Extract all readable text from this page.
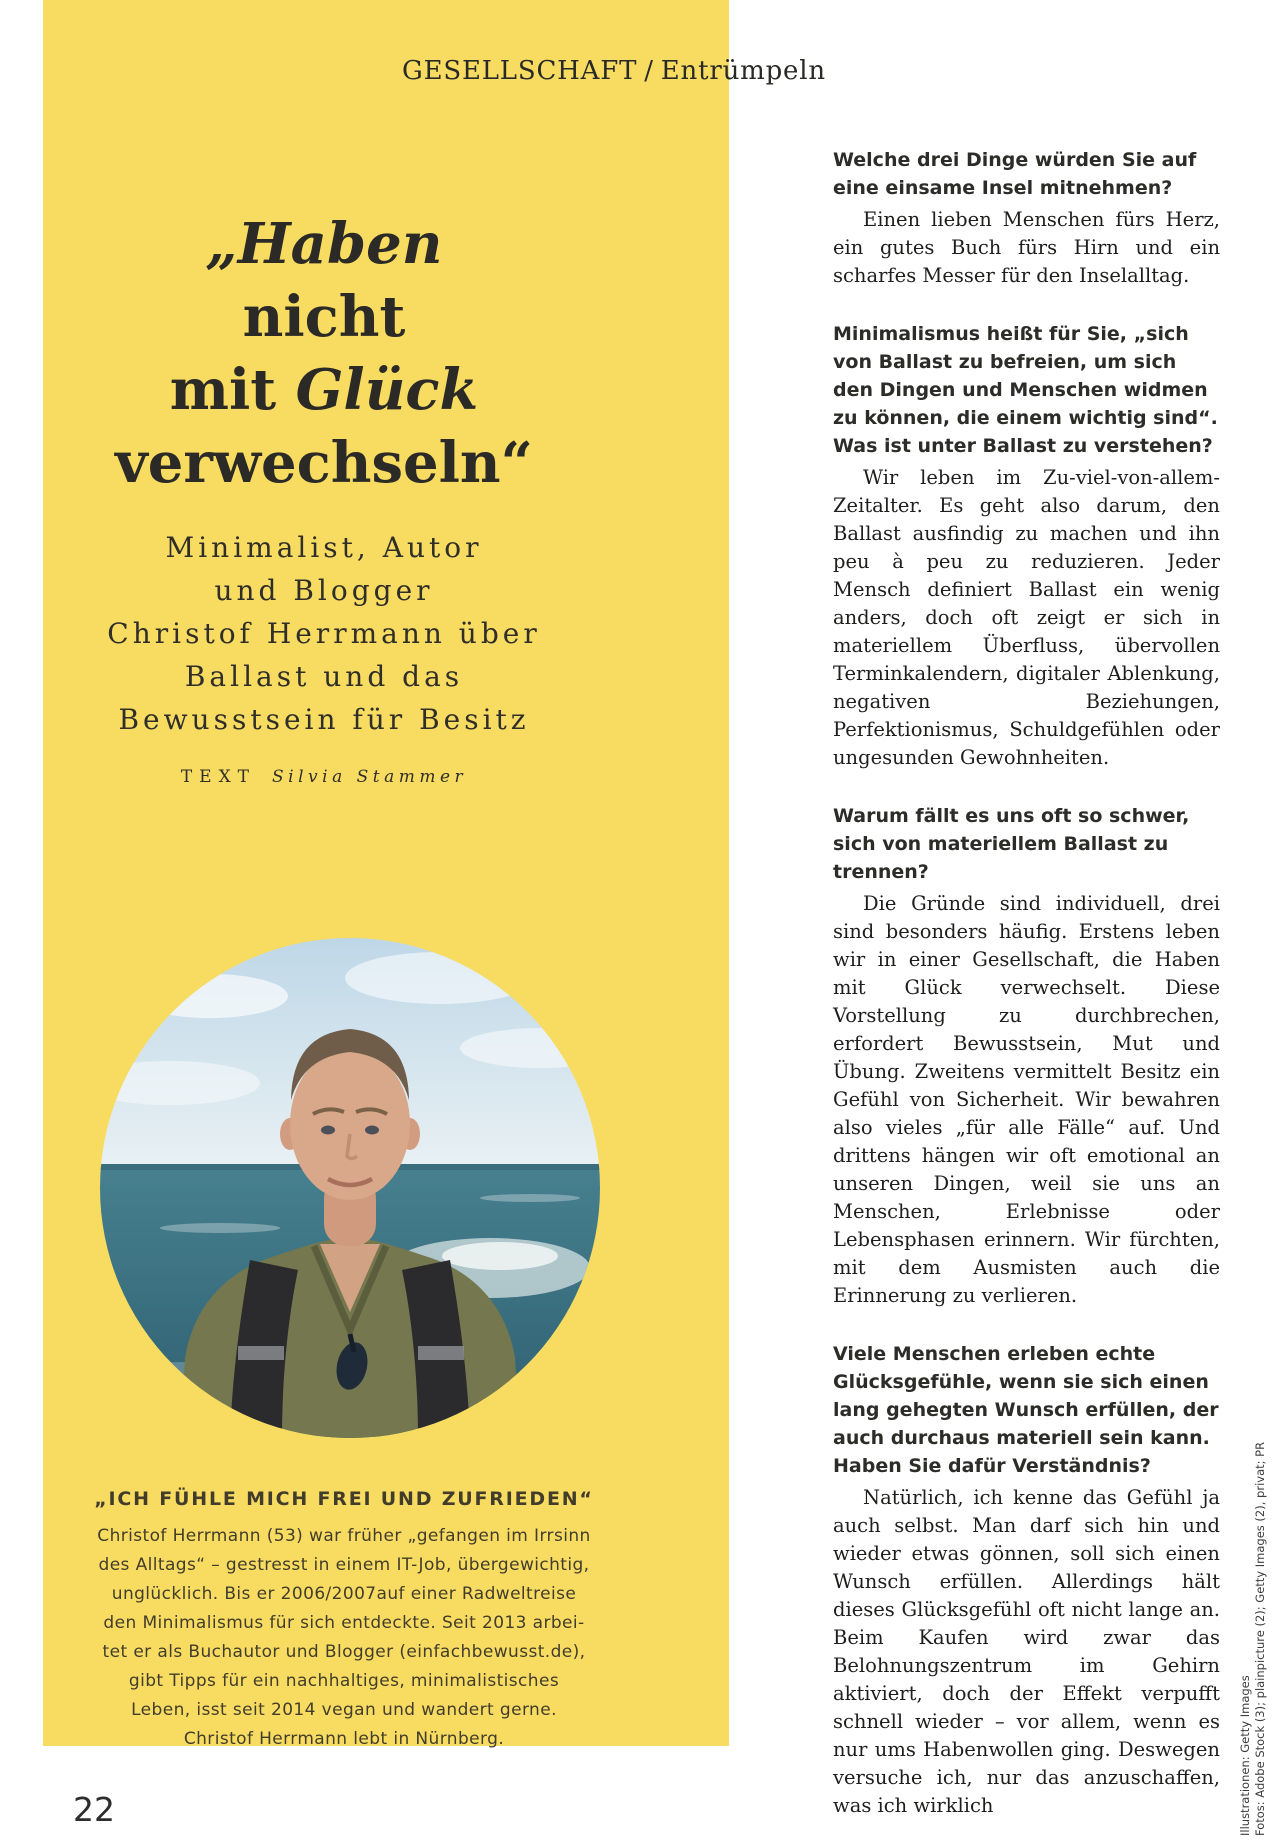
GESELLSCHAFT / Entrümpeln
„Haben
nicht
mit Glück
verwechseln“
Minimalist, Autor
und Blogger
Christof Herrmann über
Ballast und das
Bewusstsein für Besitz
TEXT Silvia Stammer
„ICH FÜHLE MICH FREI UND ZUFRIEDEN“
Christof Herrmann (53) war früher „gefangen im Irrsinn
des Alltags“ – gestresst in einem IT-Job, übergewichtig,
unglücklich. Bis er 2006/2007auf einer Radweltreise
den Minimalismus für sich entdeckte. Seit 2013 arbei-
tet er als Buchautor und Blogger (einfachbewusst.de),
gibt Tipps für ein nachhaltiges, minimalistisches
Leben, isst seit 2014 vegan und wandert gerne.
Christof Herrmann lebt in Nürnberg.
Welche drei Dinge würden Sie auf eine einsame Insel mitnehmen?

Einen lieben Menschen fürs Herz, ein gutes Buch fürs Hirn und ein scharfes Messer für den Inselalltag.

Minimalismus heißt für Sie, „sich von Ballast zu befreien, um sich den Dingen und Menschen widmen zu können, die einem wichtig sind“. Was ist unter Ballast zu verstehen?

Wir leben im Zu-viel-von-allem-Zeitalter. Es geht also darum, den Ballast ausfindig zu machen und ihn peu à peu zu reduzieren. Jeder Mensch definiert Ballast ein wenig anders, doch oft zeigt er sich in materiellem Überfluss, übervollen Terminkalendern, digitaler Ablenkung, negativen Beziehungen, Perfektionismus, Schuldgefühlen oder ungesunden Gewohnheiten.

Warum fällt es uns oft so schwer, sich von materiellem Ballast zu trennen?

Die Gründe sind individuell, drei sind besonders häufig. Erstens leben wir in einer Gesellschaft, die Haben mit Glück verwechselt. Diese Vorstellung zu durchbrechen, erfordert Bewusstsein, Mut und Übung. Zweitens vermittelt Besitz ein Gefühl von Sicherheit. Wir bewahren also vieles „für alle Fälle“ auf. Und drittens hängen wir oft emotional an unseren Dingen, weil sie uns an Menschen, Erlebnisse oder Lebensphasen erinnern. Wir fürchten, mit dem Ausmisten auch die Erinnerung zu verlieren.

Viele Menschen erleben echte Glücksgefühle, wenn sie sich einen lang gehegten Wunsch erfüllen, der auch durchaus materiell sein kann. Haben Sie dafür Verständnis?

Natürlich, ich kenne das Gefühl ja auch selbst. Man darf sich hin und wieder etwas gönnen, soll sich einen Wunsch erfüllen. Allerdings hält dieses Glücksgefühl oft nicht lange an. Beim Kaufen wird zwar das Belohnungszentrum im Gehirn aktiviert, doch der Effekt verpufft schnell wieder – vor allem, wenn es nur ums Habenwollen ging. Deswegen versuche ich, nur das anzuschaffen, was ich wirklich	Illustrationen: Getty Images Fotos: Adobe Stock (3); plainpicture (2); Getty Images (2), privat; PR
22
